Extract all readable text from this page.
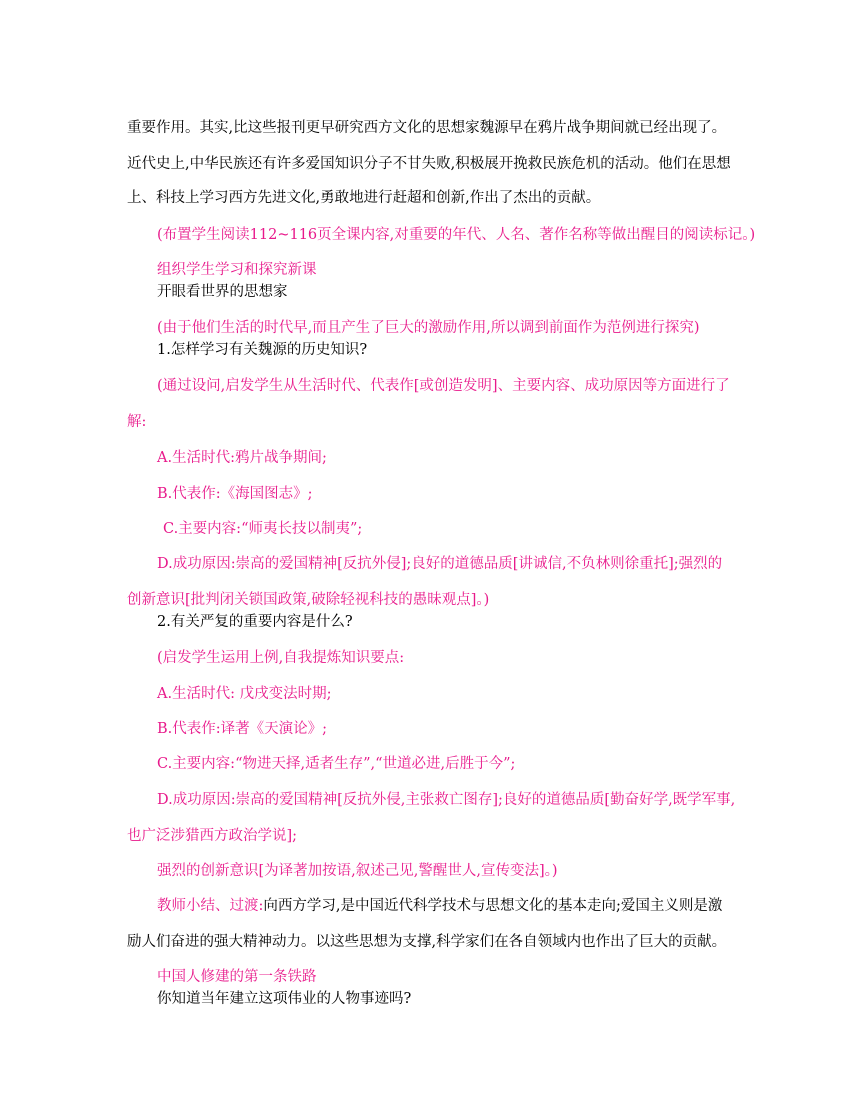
重要作用。其实,比这些报刊更早研究西方文化的思想家魏源早在鸦片战争期间就已经出现了。
近代史上,中华民族还有许多爱国知识分子不甘失败,积极展开挽救民族危机的活动。他们在思想
上、科技上学习西方先进文化,勇敢地进行赶超和创新,作出了杰出的贡献。
(布置学生阅读112~116页全课内容,对重要的年代、人名、著作名称等做出醒目的阅读标记。)
组织学生学习和探究新课
开眼看世界的思想家
(由于他们生活的时代早,而且产生了巨大的激励作用,所以调到前面作为范例进行探究)
1.怎样学习有关魏源的历史知识?
(通过设问,启发学生从生活时代、代表作[或创造发明]、主要内容、成功原因等方面进行了
解:
A.生活时代:鸦片战争期间;
B.代表作:《海国图志》;
C.主要内容:“师夷长技以制夷”;
D.成功原因:崇高的爱国精神[反抗外侵];良好的道德品质[讲诚信,不负林则徐重托];强烈的
创新意识[批判闭关锁国政策,破除轻视科技的愚昧观点]。)
2.有关严复的重要内容是什么?
(启发学生运用上例,自我提炼知识要点:
A.生活时代: 戊戌变法时期;
B.代表作:译著《天演论》;
C.主要内容:“物进天择,适者生存”,“世道必进,后胜于今”;
D.成功原因:崇高的爱国精神[反抗外侵,主张救亡图存];良好的道德品质[勤奋好学,既学军事,
也广泛涉猎西方政治学说];
强烈的创新意识[为译著加按语,叙述己见,警醒世人,宣传变法]。)
教师小结、过渡:向西方学习,是中国近代科学技术与思想文化的基本走向;爱国主义则是激
励人们奋进的强大精神动力。以这些思想为支撑,科学家们在各自领域内也作出了巨大的贡献。
中国人修建的第一条铁路
你知道当年建立这项伟业的人物事迹吗?
